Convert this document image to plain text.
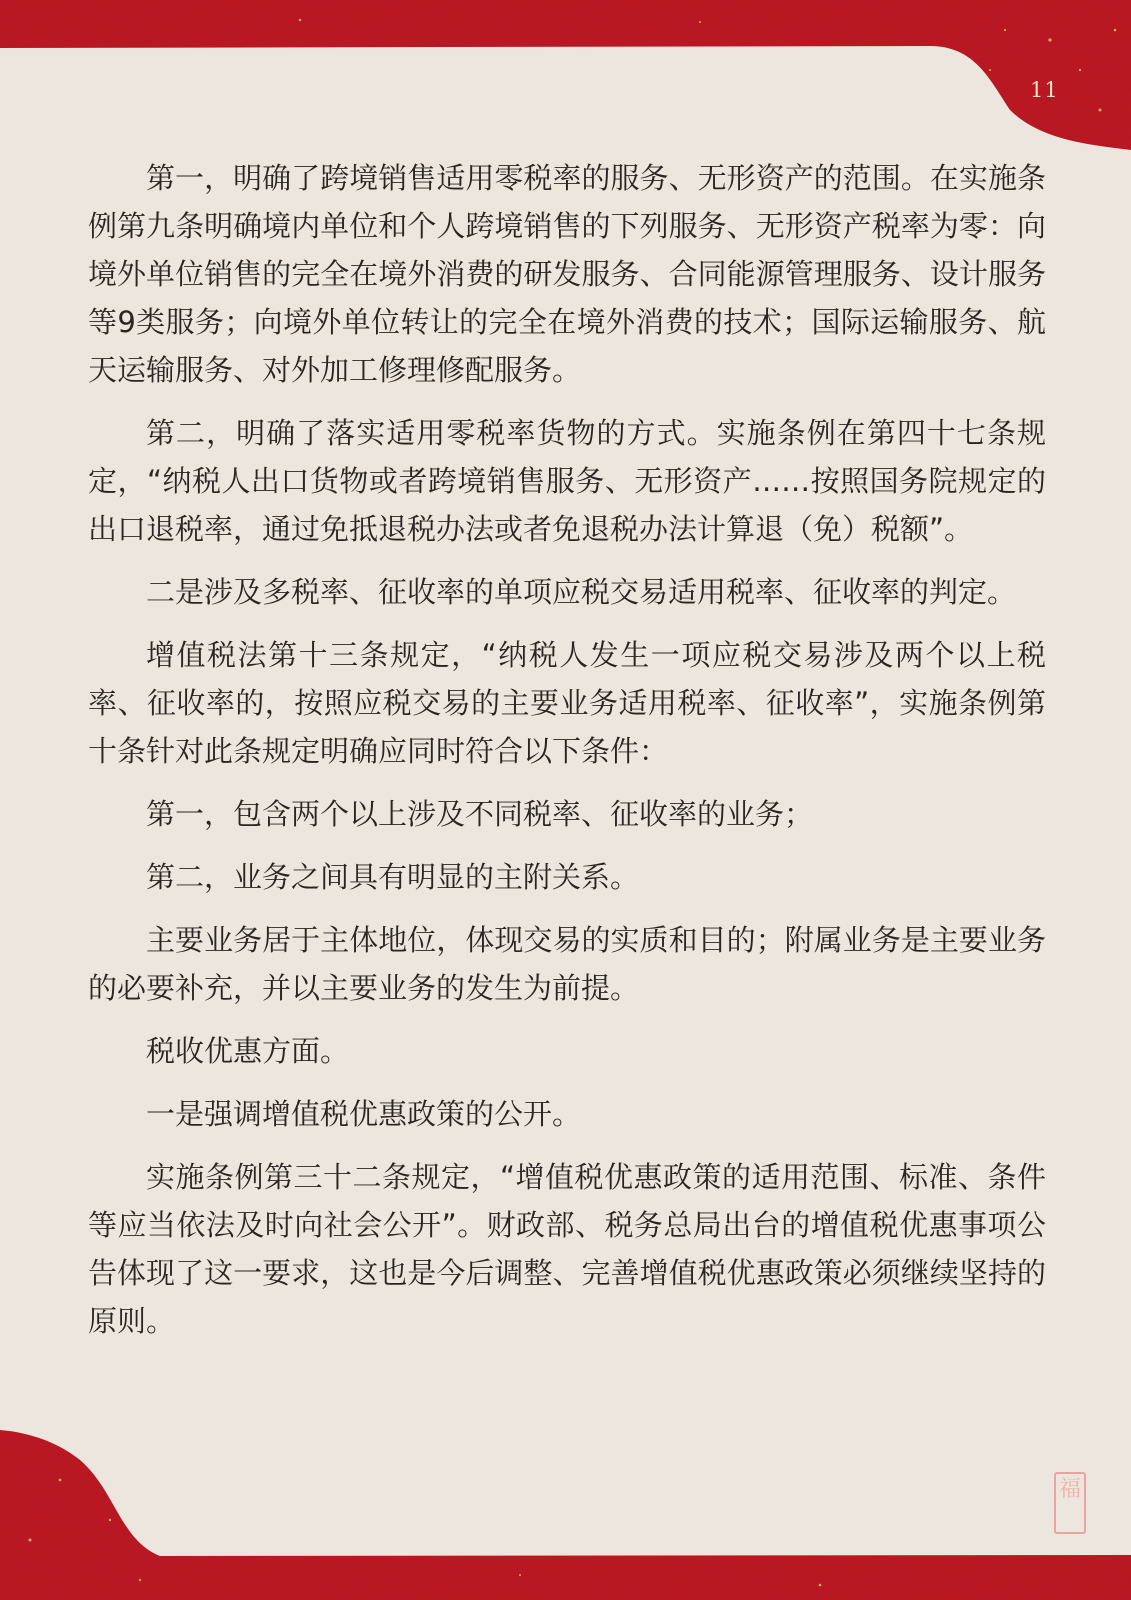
11

第一，明确了跨境销售适用零税率的服务、无形资产的范围。在实施条例第九条明确境内单位和个人跨境销售的下列服务、无形资产税率为零：向境外单位销售的完全在境外消费的研发服务、合同能源管理服务、设计服务等9类服务；向境外单位转让的完全在境外消费的技术；国际运输服务、航天运输服务、对外加工修理修配服务。

第二，明确了落实适用零税率货物的方式。实施条例在第四十七条规定，“纳税人出口货物或者跨境销售服务、无形资产……按照国务院规定的出口退税率，通过免抵退税办法或者免退税办法计算退（免）税额”。

二是涉及多税率、征收率的单项应税交易适用税率、征收率的判定。

增值税法第十三条规定，“纳税人发生一项应税交易涉及两个以上税率、征收率的，按照应税交易的主要业务适用税率、征收率”，实施条例第十条针对此条规定明确应同时符合以下条件：

第一，包含两个以上涉及不同税率、征收率的业务；

第二，业务之间具有明显的主附关系。

主要业务居于主体地位，体现交易的实质和目的；附属业务是主要业务的必要补充，并以主要业务的发生为前提。

税收优惠方面。

一是强调增值税优惠政策的公开。

实施条例第三十二条规定，“增值税优惠政策的适用范围、标准、条件等应当依法及时向社会公开”。财政部、税务总局出台的增值税优惠事项公告体现了这一要求，这也是今后调整、完善增值税优惠政策必须继续坚持的原则。

福
